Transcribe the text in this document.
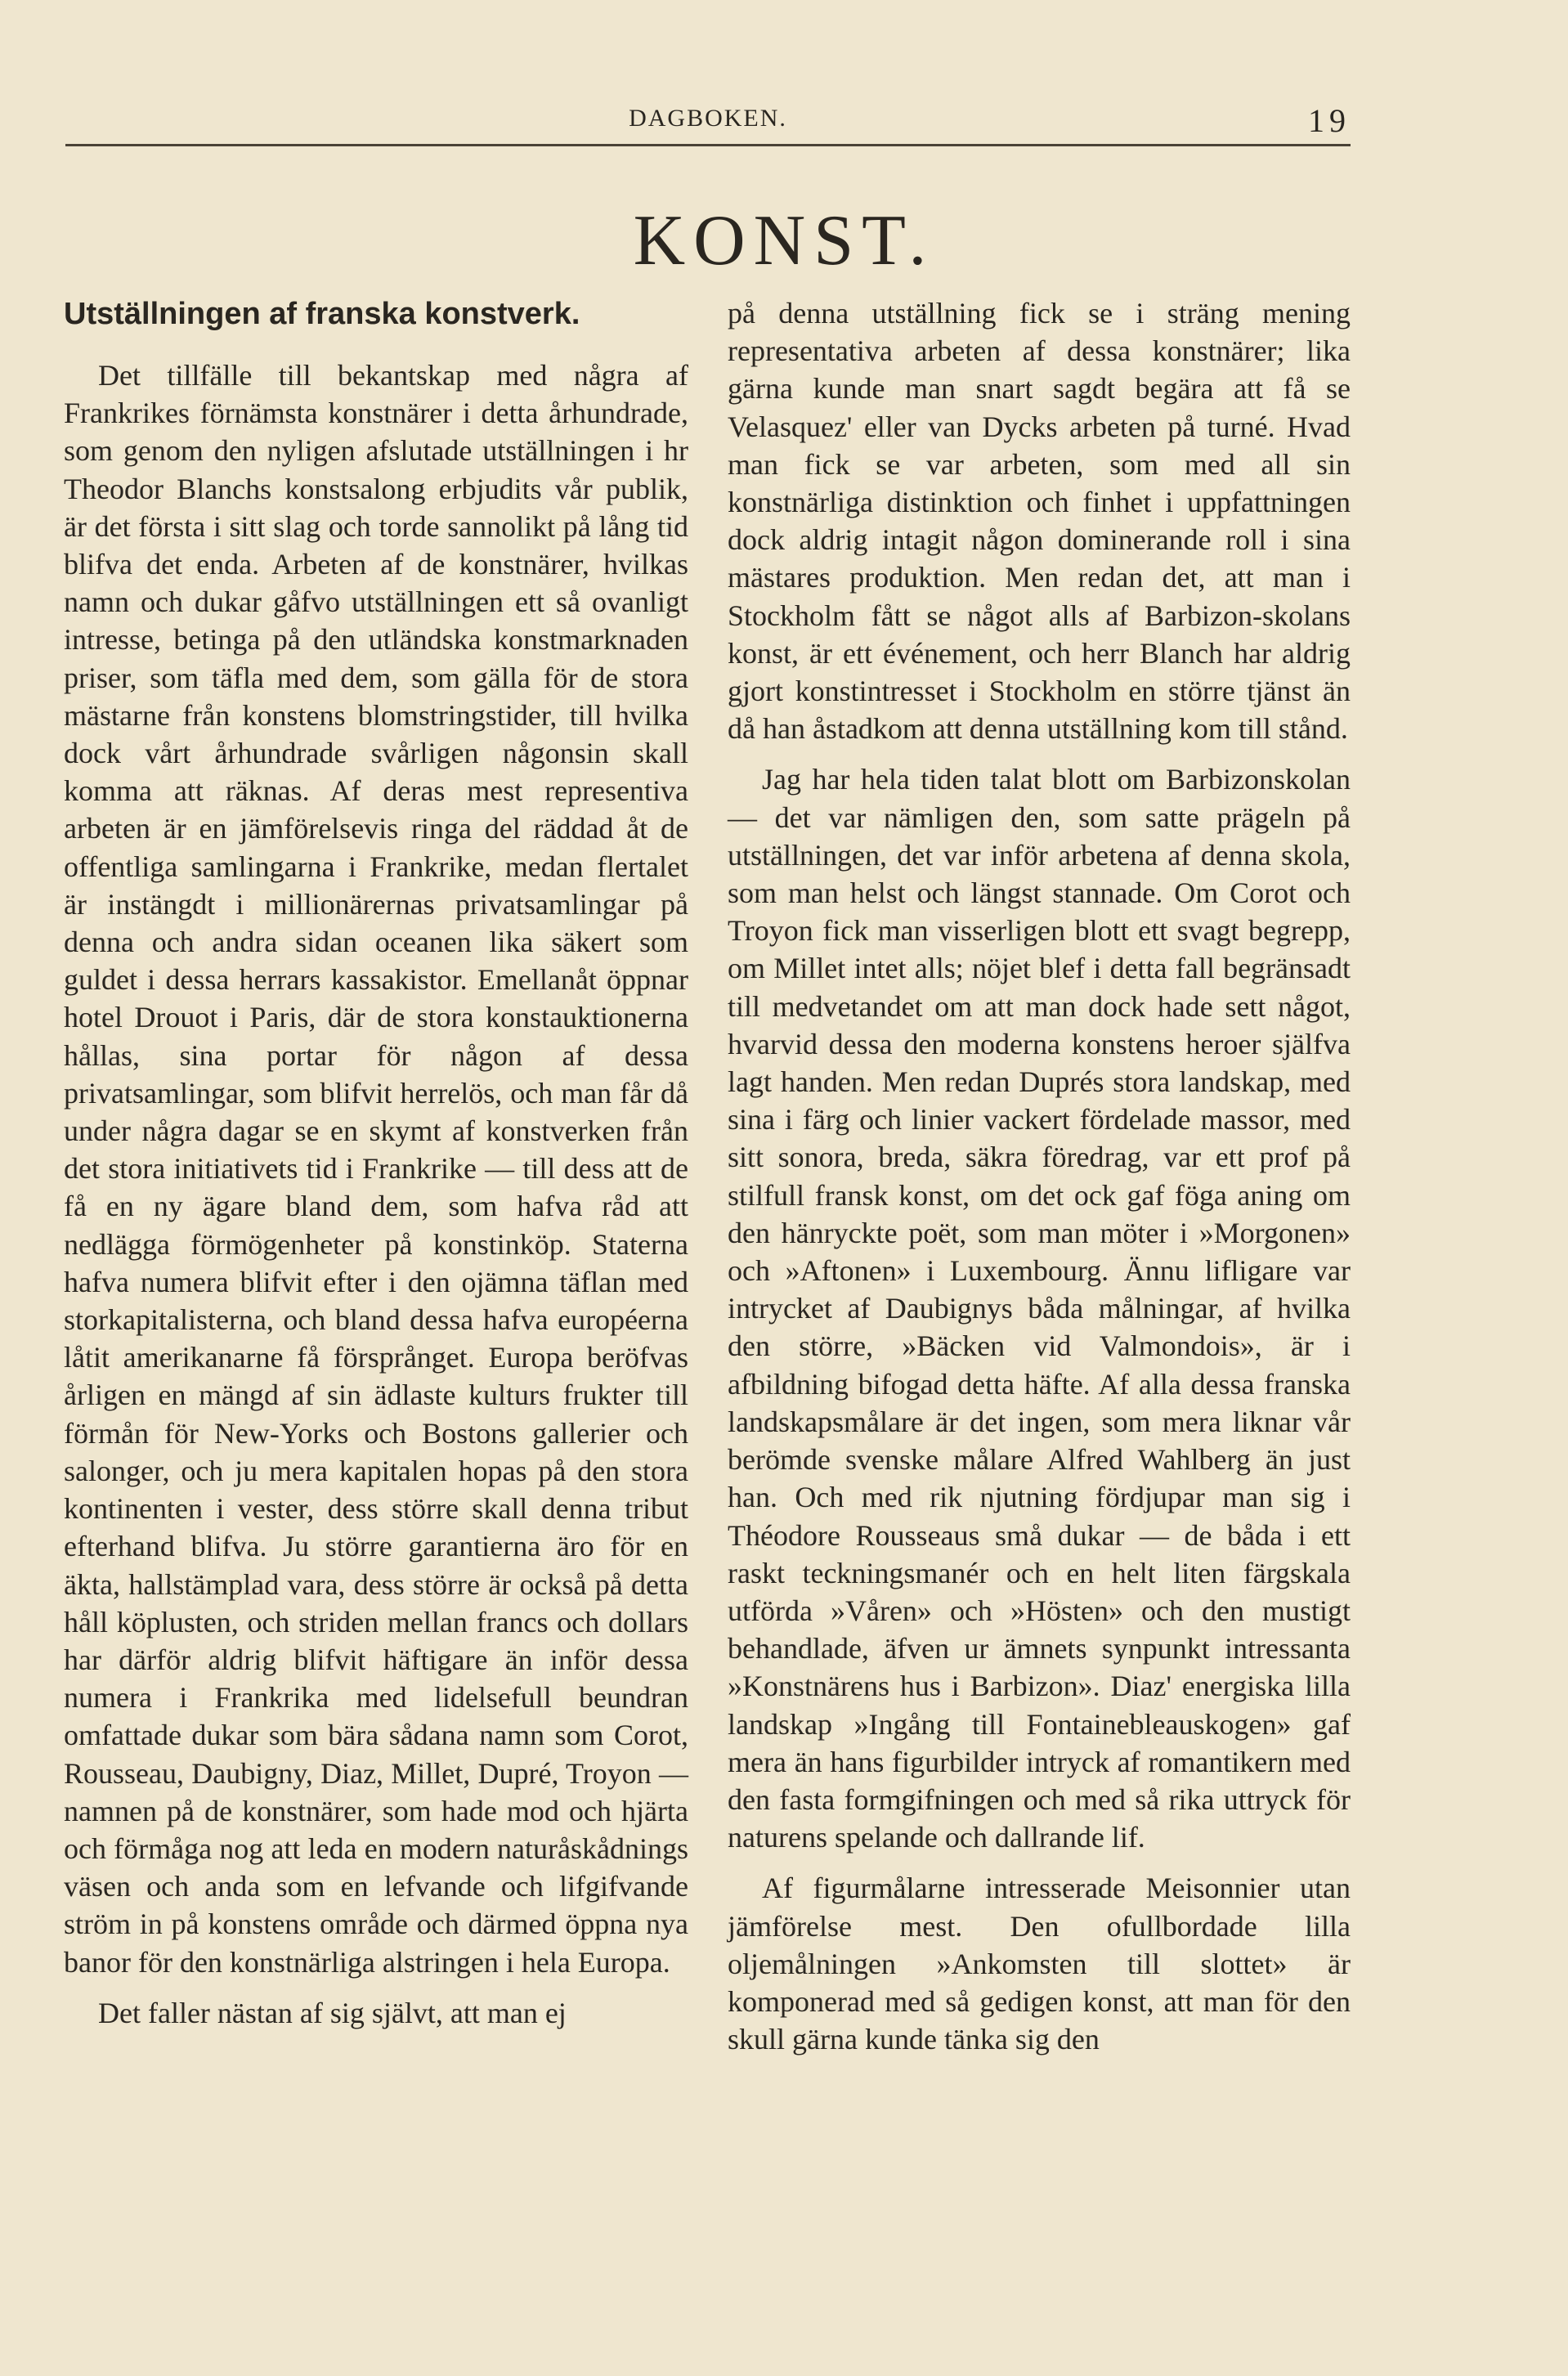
DAGBOKEN.	19
KONST.
Utställningen af franska konstverk.

Det tillfälle till bekantskap med några af Frankrikes förnämsta konstnärer i detta århundrade, som genom den nyligen afslutade utställningen i hr Theodor Blanchs konstsalong erbjudits vår publik, är det första i sitt slag och torde sannolikt på lång tid blifva det enda. Arbeten af de konstnärer, hvilkas namn och dukar gåfvo utställningen ett så ovanligt intresse, betinga på den utländska konstmarknaden priser, som täfla med dem, som gälla för de stora mästarne från konstens blomstringstider, till hvilka dock vårt århundrade svårligen någonsin skall komma att räknas. Af deras mest representiva arbeten är en jämförelsevis ringa del räddad åt de offentliga samlingarna i Frankrike, medan flertalet är instängdt i millionärernas privatsamlingar på denna och andra sidan oceanen lika säkert som guldet i dessa herrars kassakistor. Emellanåt öppnar hotel Drouot i Paris, där de stora konstauktionerna hållas, sina portar för någon af dessa privatsamlingar, som blifvit herrelös, och man får då under några dagar se en skymt af konstverken från det stora initiativets tid i Frankrike — till dess att de få en ny ägare bland dem, som hafva råd att nedlägga förmögenheter på konstinköp. Staterna hafva numera blifvit efter i den ojämna täflan med storkapitalisterna, och bland dessa hafva européerna låtit amerikanarne få försprånget. Europa beröfvas årligen en mängd af sin ädlaste kulturs frukter till förmån för New-Yorks och Bostons gallerier och salonger, och ju mera kapitalen hopas på den stora kontinenten i vester, dess större skall denna tribut efterhand blifva. Ju större garantierna äro för en äkta, hallstämplad vara, dess större är också på detta håll köplusten, och striden mellan francs och dollars har därför aldrig blifvit häftigare än inför dessa numera i Frankrika med lidelsefull beundran omfattade dukar som bära sådana namn som Corot, Rousseau, Daubigny, Diaz, Millet, Dupré, Troyon — namnen på de konstnärer, som hade mod och hjärta och förmåga nog att leda en modern naturåskådnings väsen och anda som en lefvande och lifgifvande ström in på konstens område och därmed öppna nya banor för den konstnärliga alstringen i hela Europa.

Det faller nästan af sig självt, att man ej

på denna utställning fick se i sträng mening representativa arbeten af dessa konstnärer; lika gärna kunde man snart sagdt begära att få se Velasquez' eller van Dycks arbeten på turné. Hvad man fick se var arbeten, som med all sin konstnärliga distinktion och finhet i uppfattningen dock aldrig intagit någon dominerande roll i sina mästares produktion. Men redan det, att man i Stockholm fått se något alls af Barbizon-skolans konst, är ett événement, och herr Blanch har aldrig gjort konstintresset i Stockholm en större tjänst än då han åstadkom att denna utställning kom till stånd.

Jag har hela tiden talat blott om Barbizonskolan — det var nämligen den, som satte prägeln på utställningen, det var inför arbetena af denna skola, som man helst och längst stannade. Om Corot och Troyon fick man visserligen blott ett svagt begrepp, om Millet intet alls; nöjet blef i detta fall begränsadt till medvetandet om att man dock hade sett något, hvarvid dessa den moderna konstens heroer själfva lagt handen. Men redan Duprés stora landskap, med sina i färg och linier vackert fördelade massor, med sitt sonora, breda, säkra föredrag, var ett prof på stilfull fransk konst, om det ock gaf föga aning om den hänryckte poët, som man möter i »Morgonen» och »Aftonen» i Luxembourg. Ännu lifligare var intrycket af Daubignys båda målningar, af hvilka den större, »Bäcken vid Valmondois», är i afbildning bifogad detta häfte. Af alla dessa franska landskapsmålare är det ingen, som mera liknar vår berömde svenske målare Alfred Wahlberg än just han. Och med rik njutning fördjupar man sig i Théodore Rousseaus små dukar — de båda i ett raskt teckningsmanér och en helt liten färgskala utförda »Våren» och »Hösten» och den mustigt behandlade, äfven ur ämnets synpunkt intressanta »Konstnärens hus i Barbizon». Diaz' energiska lilla landskap »Ingång till Fontainebleauskogen» gaf mera än hans figurbilder intryck af romantikern med den fasta formgifningen och med så rika uttryck för naturens spelande och dallrande lif.

Af figurmålarne intresserade Meisonnier utan jämförelse mest. Den ofullbordade lilla oljemålningen »Ankomsten till slottet» är komponerad med så gedigen konst, att man för den skull gärna kunde tänka sig den
